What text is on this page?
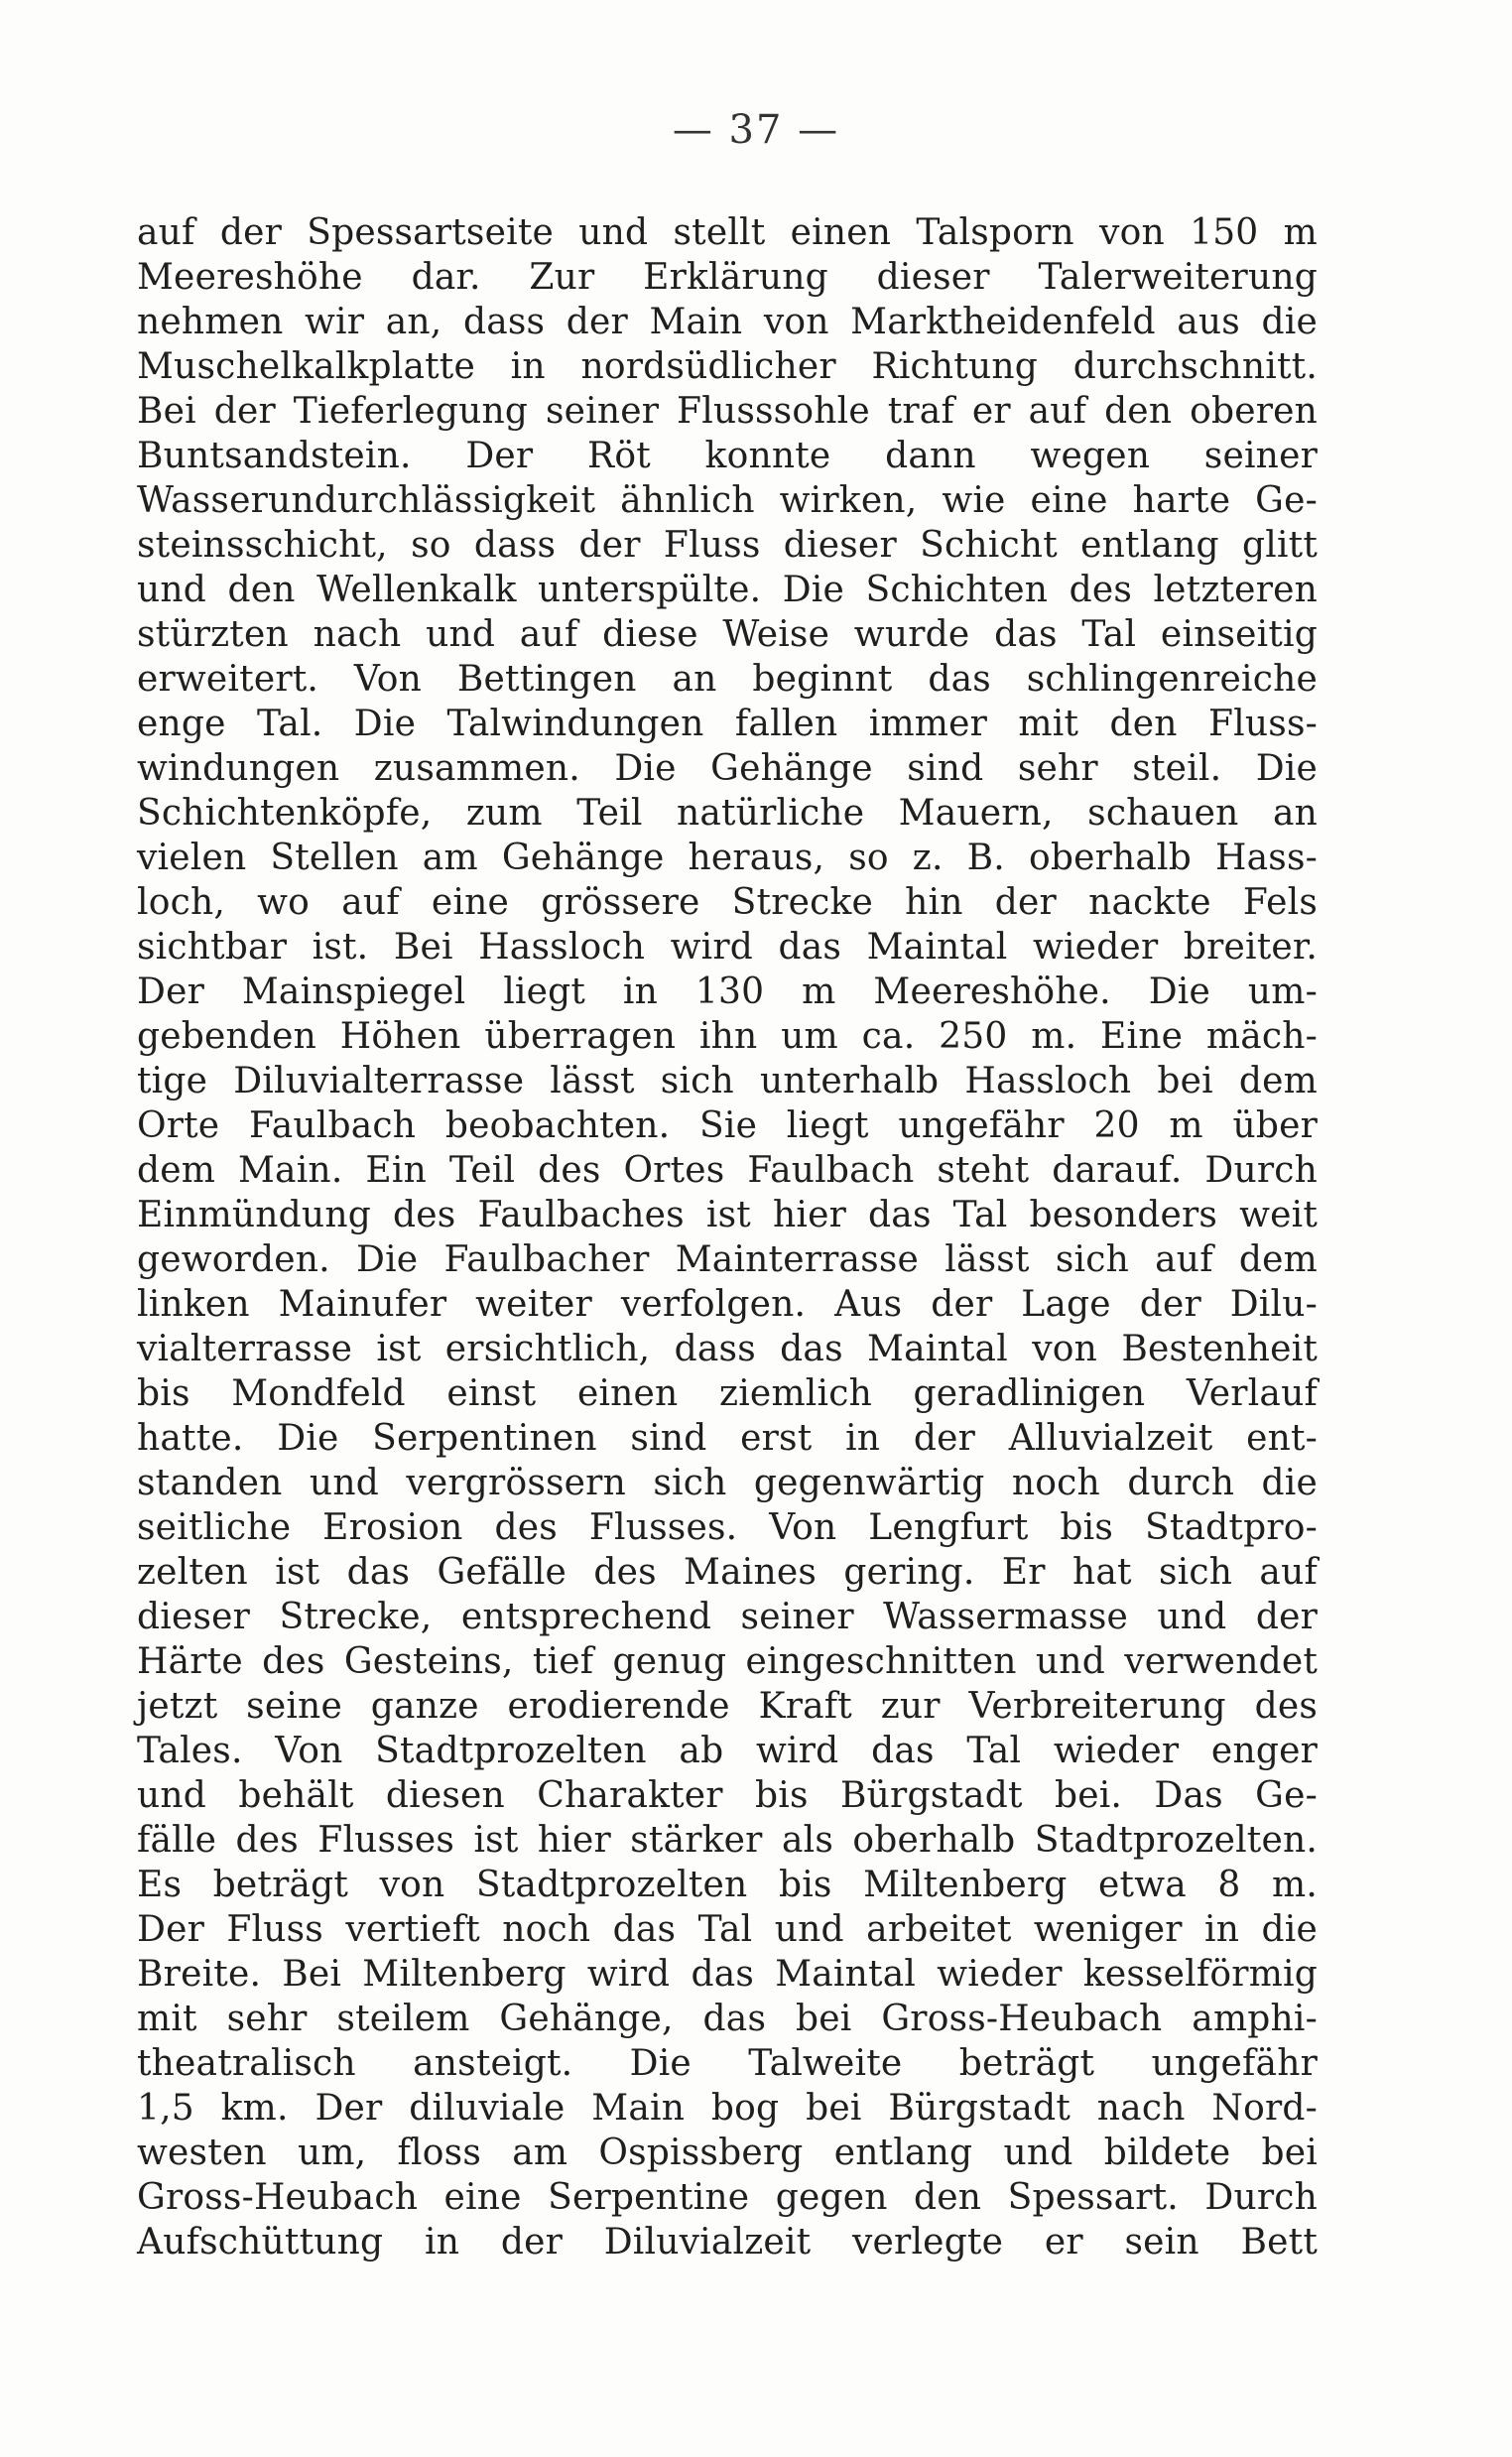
— 37 —
auf der Spessartseite und stellt einen Talsporn von 150 m
Meereshöhe dar. Zur Erklärung dieser Talerweiterung
nehmen wir an, dass der Main von Marktheidenfeld aus die
Muschelkalkplatte in nordsüdlicher Richtung durchschnitt.
Bei der Tieferlegung seiner Flusssohle traf er auf den oberen
Buntsandstein. Der Röt konnte dann wegen seiner
Wasserundurchlässigkeit ähnlich wirken, wie eine harte Ge-
steinsschicht, so dass der Fluss dieser Schicht entlang glitt
und den Wellenkalk unterspülte. Die Schichten des letzteren
stürzten nach und auf diese Weise wurde das Tal einseitig
erweitert. Von Bettingen an beginnt das schlingenreiche
enge Tal. Die Talwindungen fallen immer mit den Fluss-
windungen zusammen. Die Gehänge sind sehr steil. Die
Schichtenköpfe, zum Teil natürliche Mauern, schauen an
vielen Stellen am Gehänge heraus, so z. B. oberhalb Hass-
loch, wo auf eine grössere Strecke hin der nackte Fels
sichtbar ist. Bei Hassloch wird das Maintal wieder breiter.
Der Mainspiegel liegt in 130 m Meereshöhe. Die um-
gebenden Höhen überragen ihn um ca. 250 m. Eine mäch-
tige Diluvialterrasse lässt sich unterhalb Hassloch bei dem
Orte Faulbach beobachten. Sie liegt ungefähr 20 m über
dem Main. Ein Teil des Ortes Faulbach steht darauf. Durch
Einmündung des Faulbaches ist hier das Tal besonders weit
geworden. Die Faulbacher Mainterrasse lässt sich auf dem
linken Mainufer weiter verfolgen. Aus der Lage der Dilu-
vialterrasse ist ersichtlich, dass das Maintal von Bestenheit
bis Mondfeld einst einen ziemlich geradlinigen Verlauf
hatte. Die Serpentinen sind erst in der Alluvialzeit ent-
standen und vergrössern sich gegenwärtig noch durch die
seitliche Erosion des Flusses. Von Lengfurt bis Stadtpro-
zelten ist das Gefälle des Maines gering. Er hat sich auf
dieser Strecke, entsprechend seiner Wassermasse und der
Härte des Gesteins, tief genug eingeschnitten und verwendet
jetzt seine ganze erodierende Kraft zur Verbreiterung des
Tales. Von Stadtprozelten ab wird das Tal wieder enger
und behält diesen Charakter bis Bürgstadt bei. Das Ge-
fälle des Flusses ist hier stärker als oberhalb Stadtprozelten.
Es beträgt von Stadtprozelten bis Miltenberg etwa 8 m.
Der Fluss vertieft noch das Tal und arbeitet weniger in die
Breite. Bei Miltenberg wird das Maintal wieder kesselförmig
mit sehr steilem Gehänge, das bei Gross-Heubach amphi-
theatralisch ansteigt. Die Talweite beträgt ungefähr
1,5 km. Der diluviale Main bog bei Bürgstadt nach Nord-
westen um, floss am Ospissberg entlang und bildete bei
Gross-Heubach eine Serpentine gegen den Spessart. Durch
Aufschüttung in der Diluvialzeit verlegte er sein Bett
